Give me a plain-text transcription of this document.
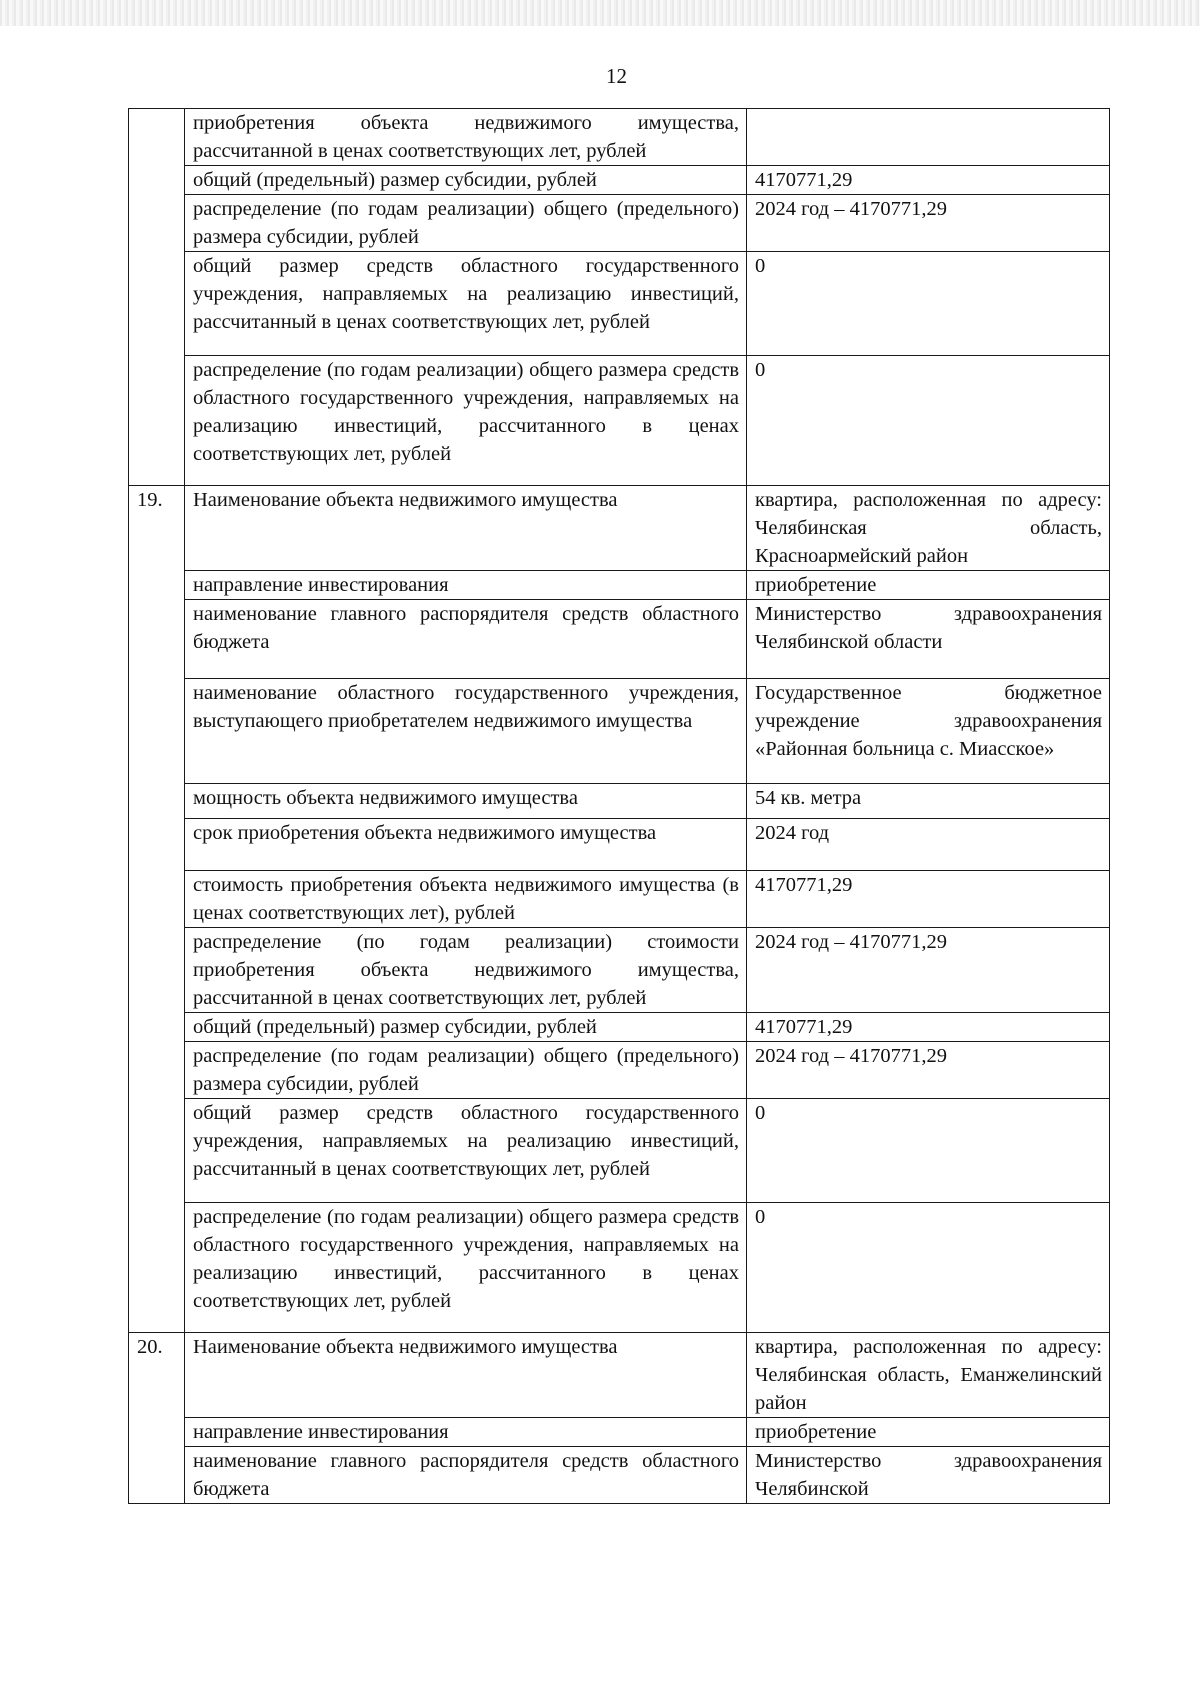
12
	приобретения объекта недвижимого имущества, рассчитанной в ценах соответствующих лет, рублей	
	общий (предельный) размер субсидии, рублей	4170771,29
	распределение (по годам реализации) общего (предельного) размера субсидии, рублей	2024 год – 4170771,29
	общий размер средств областного государственного учреждения, направляемых на реализацию инвестиций, рассчитанный в ценах соответствующих лет, рублей	0
	распределение (по годам реализации) общего размера средств областного государственного учреждения, направляемых на реализацию инвестиций, рассчитанного в ценах соответствующих лет, рублей	0
19.	Наименование объекта недвижимого имущества	квартира, расположенная по адресу: Челябинская область, Красноармейский район
	направление инвестирования	приобретение
	наименование главного распорядителя средств областного бюджета	Министерство здравоохранения Челябинской области
	наименование областного государственного учреждения, выступающего приобретателем недвижимого имущества	Государственное бюджетное учреждение здравоохранения «Районная больница с. Миасское»
	мощность объекта недвижимого имущества	54 кв. метра
	срок приобретения объекта недвижимого имущества	2024 год
	стоимость приобретения объекта недвижимого имущества (в ценах соответствующих лет), рублей	4170771,29
	распределение (по годам реализации) стоимости приобретения объекта недвижимого имущества, рассчитанной в ценах соответствующих лет, рублей	2024 год – 4170771,29
	общий (предельный) размер субсидии, рублей	4170771,29
	распределение (по годам реализации) общего (предельного) размера субсидии, рублей	2024 год – 4170771,29
	общий размер средств областного государственного учреждения, направляемых на реализацию инвестиций, рассчитанный в ценах соответствующих лет, рублей	0
	распределение (по годам реализации) общего размера средств областного государственного учреждения, направляемых на реализацию инвестиций, рассчитанного в ценах соответствующих лет, рублей	0
20.	Наименование объекта недвижимого имущества	квартира, расположенная по адресу: Челябинская область, Еманжелинский район
	направление инвестирования	приобретение
	наименование главного распорядителя средств областного бюджета	Министерство здравоохранения Челябинской
